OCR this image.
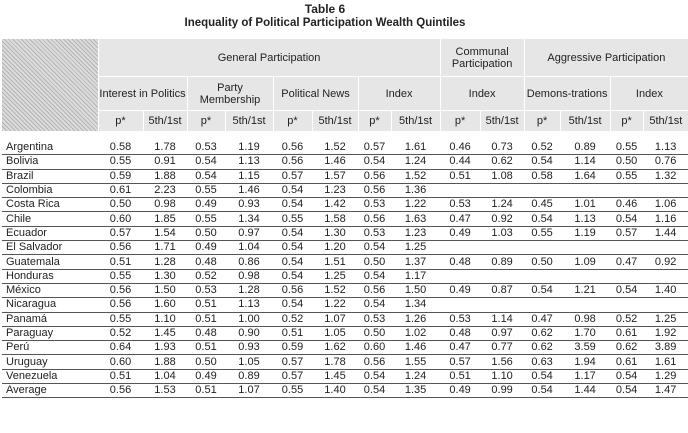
Table 6
Inequality of Political Participation Wealth Quintiles
	General Participation								Communal Participation		Aggressive Participation			
	Interest in Politics		Party Membership		Political News		Index		Index		Demons-trations		Index	
	p*	5th/1st	p*	5th/1st	p*	5th/1st	p*	5th/1st	p*	5th/1st	p*	5th/1st	p*	5th/1st

Argentina	0.58	1.78	0.53	1.19	0.56	1.52	0.57	1.61	0.46	0.73	0.52	0.89	0.55	1.13
Bolivia	0.55	0.91	0.54	1.13	0.56	1.46	0.54	1.24	0.44	0.62	0.54	1.14	0.50	0.76
Brazil	0.59	1.88	0.54	1.15	0.57	1.57	0.56	1.52	0.51	1.08	0.58	1.64	0.55	1.32
Colombia	0.61	2.23	0.55	1.46	0.54	1.23	0.56	1.36						
Costa Rica	0.50	0.98	0.49	0.93	0.54	1.42	0.53	1.22	0.53	1.24	0.45	1.01	0.46	1.06
Chile	0.60	1.85	0.55	1.34	0.55	1.58	0.56	1.63	0.47	0.92	0.54	1.13	0.54	1.16
Ecuador	0.57	1.54	0.50	0.97	0.54	1.30	0.53	1.23	0.49	1.03	0.55	1.19	0.57	1.44
El Salvador	0.56	1.71	0.49	1.04	0.54	1.20	0.54	1.25						
Guatemala	0.51	1.28	0.48	0.86	0.54	1.51	0.50	1.37	0.48	0.89	0.50	1.09	0.47	0.92
Honduras	0.55	1.30	0.52	0.98	0.54	1.25	0.54	1.17						
México	0.56	1.50	0.53	1.28	0.56	1.52	0.56	1.50	0.49	0.87	0.54	1.21	0.54	1.40
Nicaragua	0.56	1.60	0.51	1.13	0.54	1.22	0.54	1.34						
Panamá	0.55	1.10	0.51	1.00	0.52	1.07	0.53	1.26	0.53	1.14	0.47	0.98	0.52	1.25
Paraguay	0.52	1.45	0.48	0.90	0.51	1.05	0.50	1.02	0.48	0.97	0.62	1.70	0.61	1.92
Perú	0.64	1.93	0.51	0.93	0.59	1.62	0.60	1.46	0.47	0.77	0.62	3.59	0.62	3.89
Uruguay	0.60	1.88	0.50	1.05	0.57	1.78	0.56	1.55	0.57	1.56	0.63	1.94	0.61	1.61
Venezuela	0.51	1.04	0.49	0.89	0.57	1.45	0.54	1.24	0.51	1.10	0.54	1.17	0.54	1.29
Average	0.56	1.53	0.51	1.07	0.55	1.40	0.54	1.35	0.49	0.99	0.54	1.44	0.54	1.47
